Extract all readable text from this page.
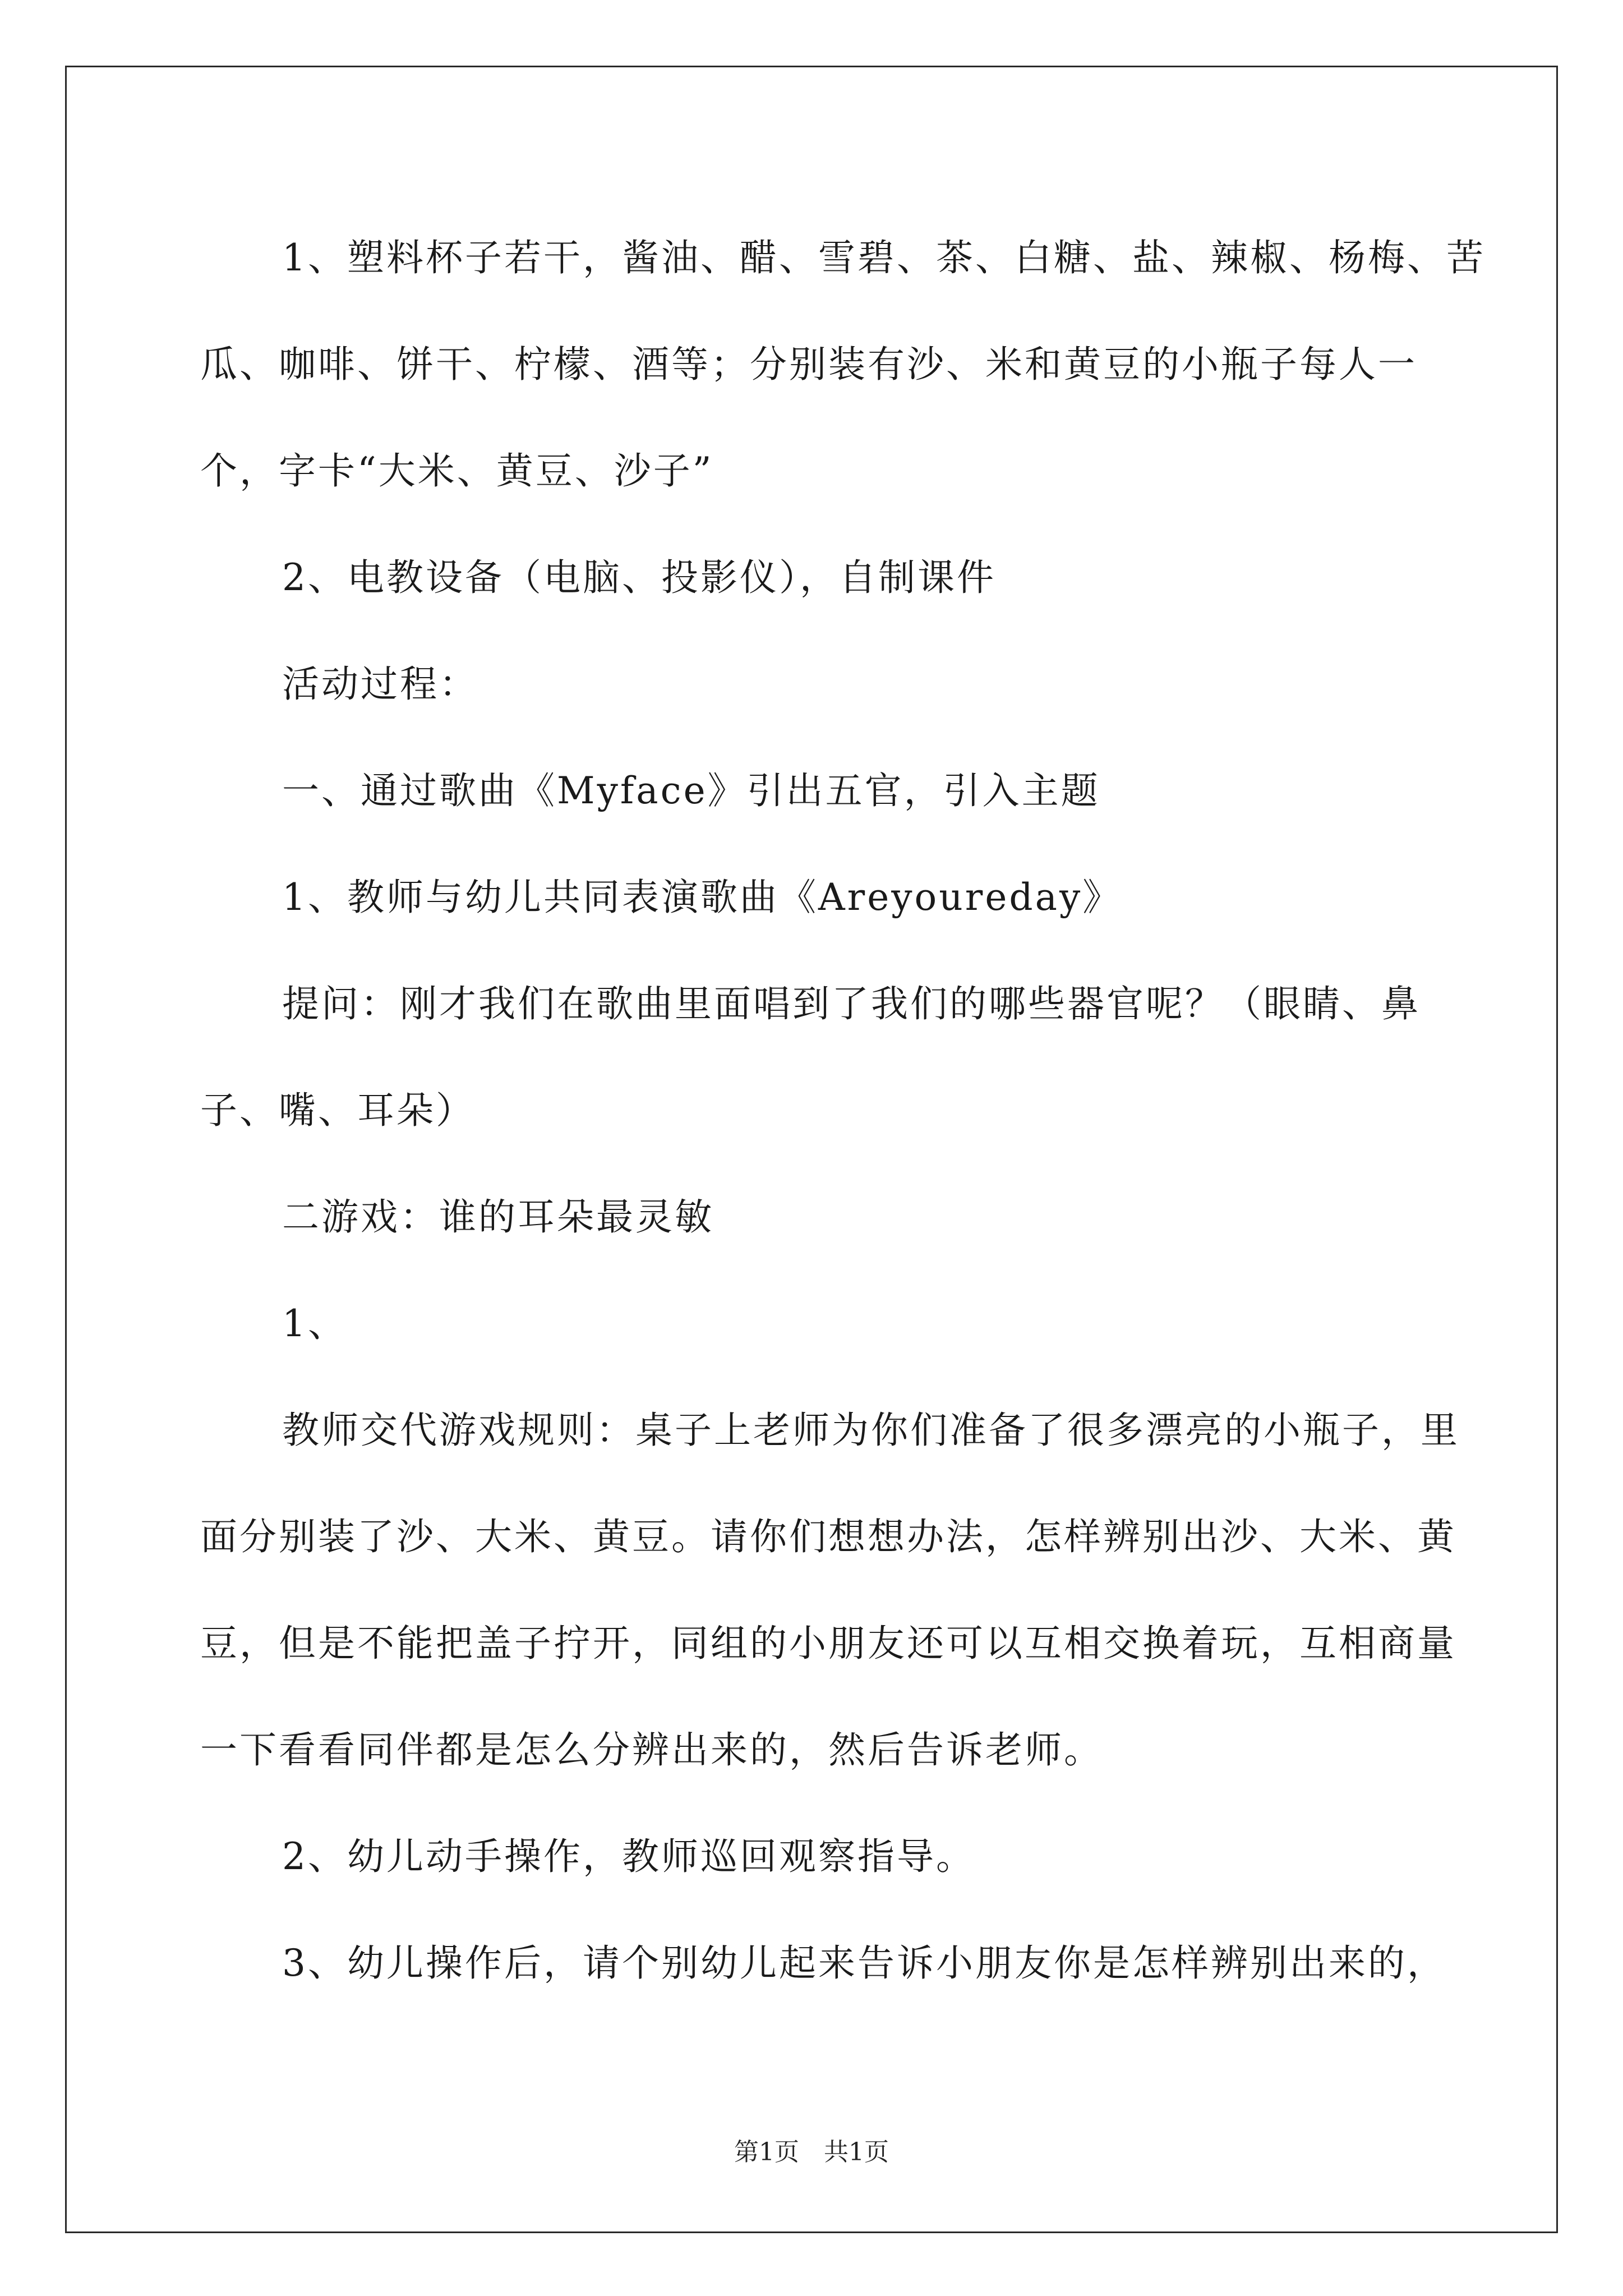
1、塑料杯子若干，酱油、醋、雪碧、茶、白糖、盐、辣椒、杨梅、苦瓜、咖啡、饼干、柠檬、酒等；分别装有沙、米和黄豆的小瓶子每人一个，字卡“大米、黄豆、沙子”

2、电教设备（电脑、投影仪），自制课件

活动过程：

一、通过歌曲《Myface》引出五官，引入主题

1、教师与幼儿共同表演歌曲《Areyoureday》

提问：刚才我们在歌曲里面唱到了我们的哪些器官呢？（眼睛、鼻子、嘴、耳朵）

二游戏：谁的耳朵最灵敏

1、

教师交代游戏规则：桌子上老师为你们准备了很多漂亮的小瓶子，里面分别装了沙、大米、黄豆。请你们想想办法，怎样辨别出沙、大米、黄豆，但是不能把盖子拧开，同组的小朋友还可以互相交换着玩，互相商量一下看看同伴都是怎么分辨出来的，然后告诉老师。

2、幼儿动手操作，教师巡回观察指导。

3、幼儿操作后，请个别幼儿起来告诉小朋友你是怎样辨别出来的，

第1页　共1页
